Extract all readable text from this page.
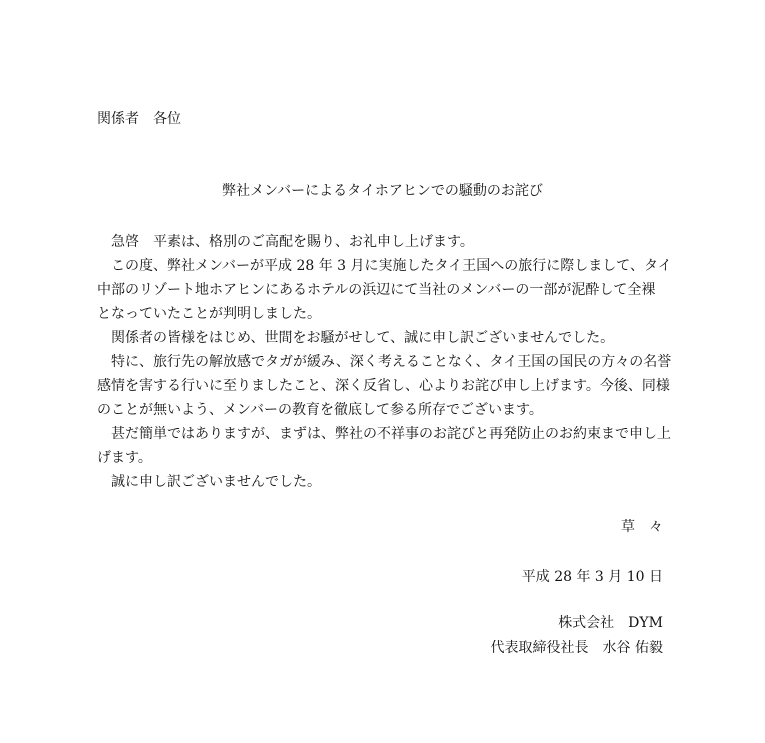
関係者　各位
弊社メンバーによるタイホアヒンでの騒動のお詫び
急啓　平素は、格別のご高配を賜り、お礼申し上げます。
この度、弊社メンバーが平成 28 年 3 月に実施したタイ王国への旅行に際しまして、タイ
中部のリゾート地ホアヒンにあるホテルの浜辺にて当社のメンバーの一部が泥酔して全裸
となっていたことが判明しました。
関係者の皆様をはじめ、世間をお騒がせして、誠に申し訳ございませんでした。
特に、旅行先の解放感でタガが緩み、深く考えることなく、タイ王国の国民の方々の名誉
感情を害する行いに至りましたこと、深く反省し、心よりお詫び申し上げます。今後、同様
のことが無いよう、メンバーの教育を徹底して参る所存でございます。
甚だ簡単ではありますが、まずは、弊社の不祥事のお詫びと再発防止のお約束まで申し上
げます。
誠に申し訳ございませんでした。
草　々
平成 28 年 3 月 10 日
株式会社　DYM
代表取締役社長　水谷 佑毅
